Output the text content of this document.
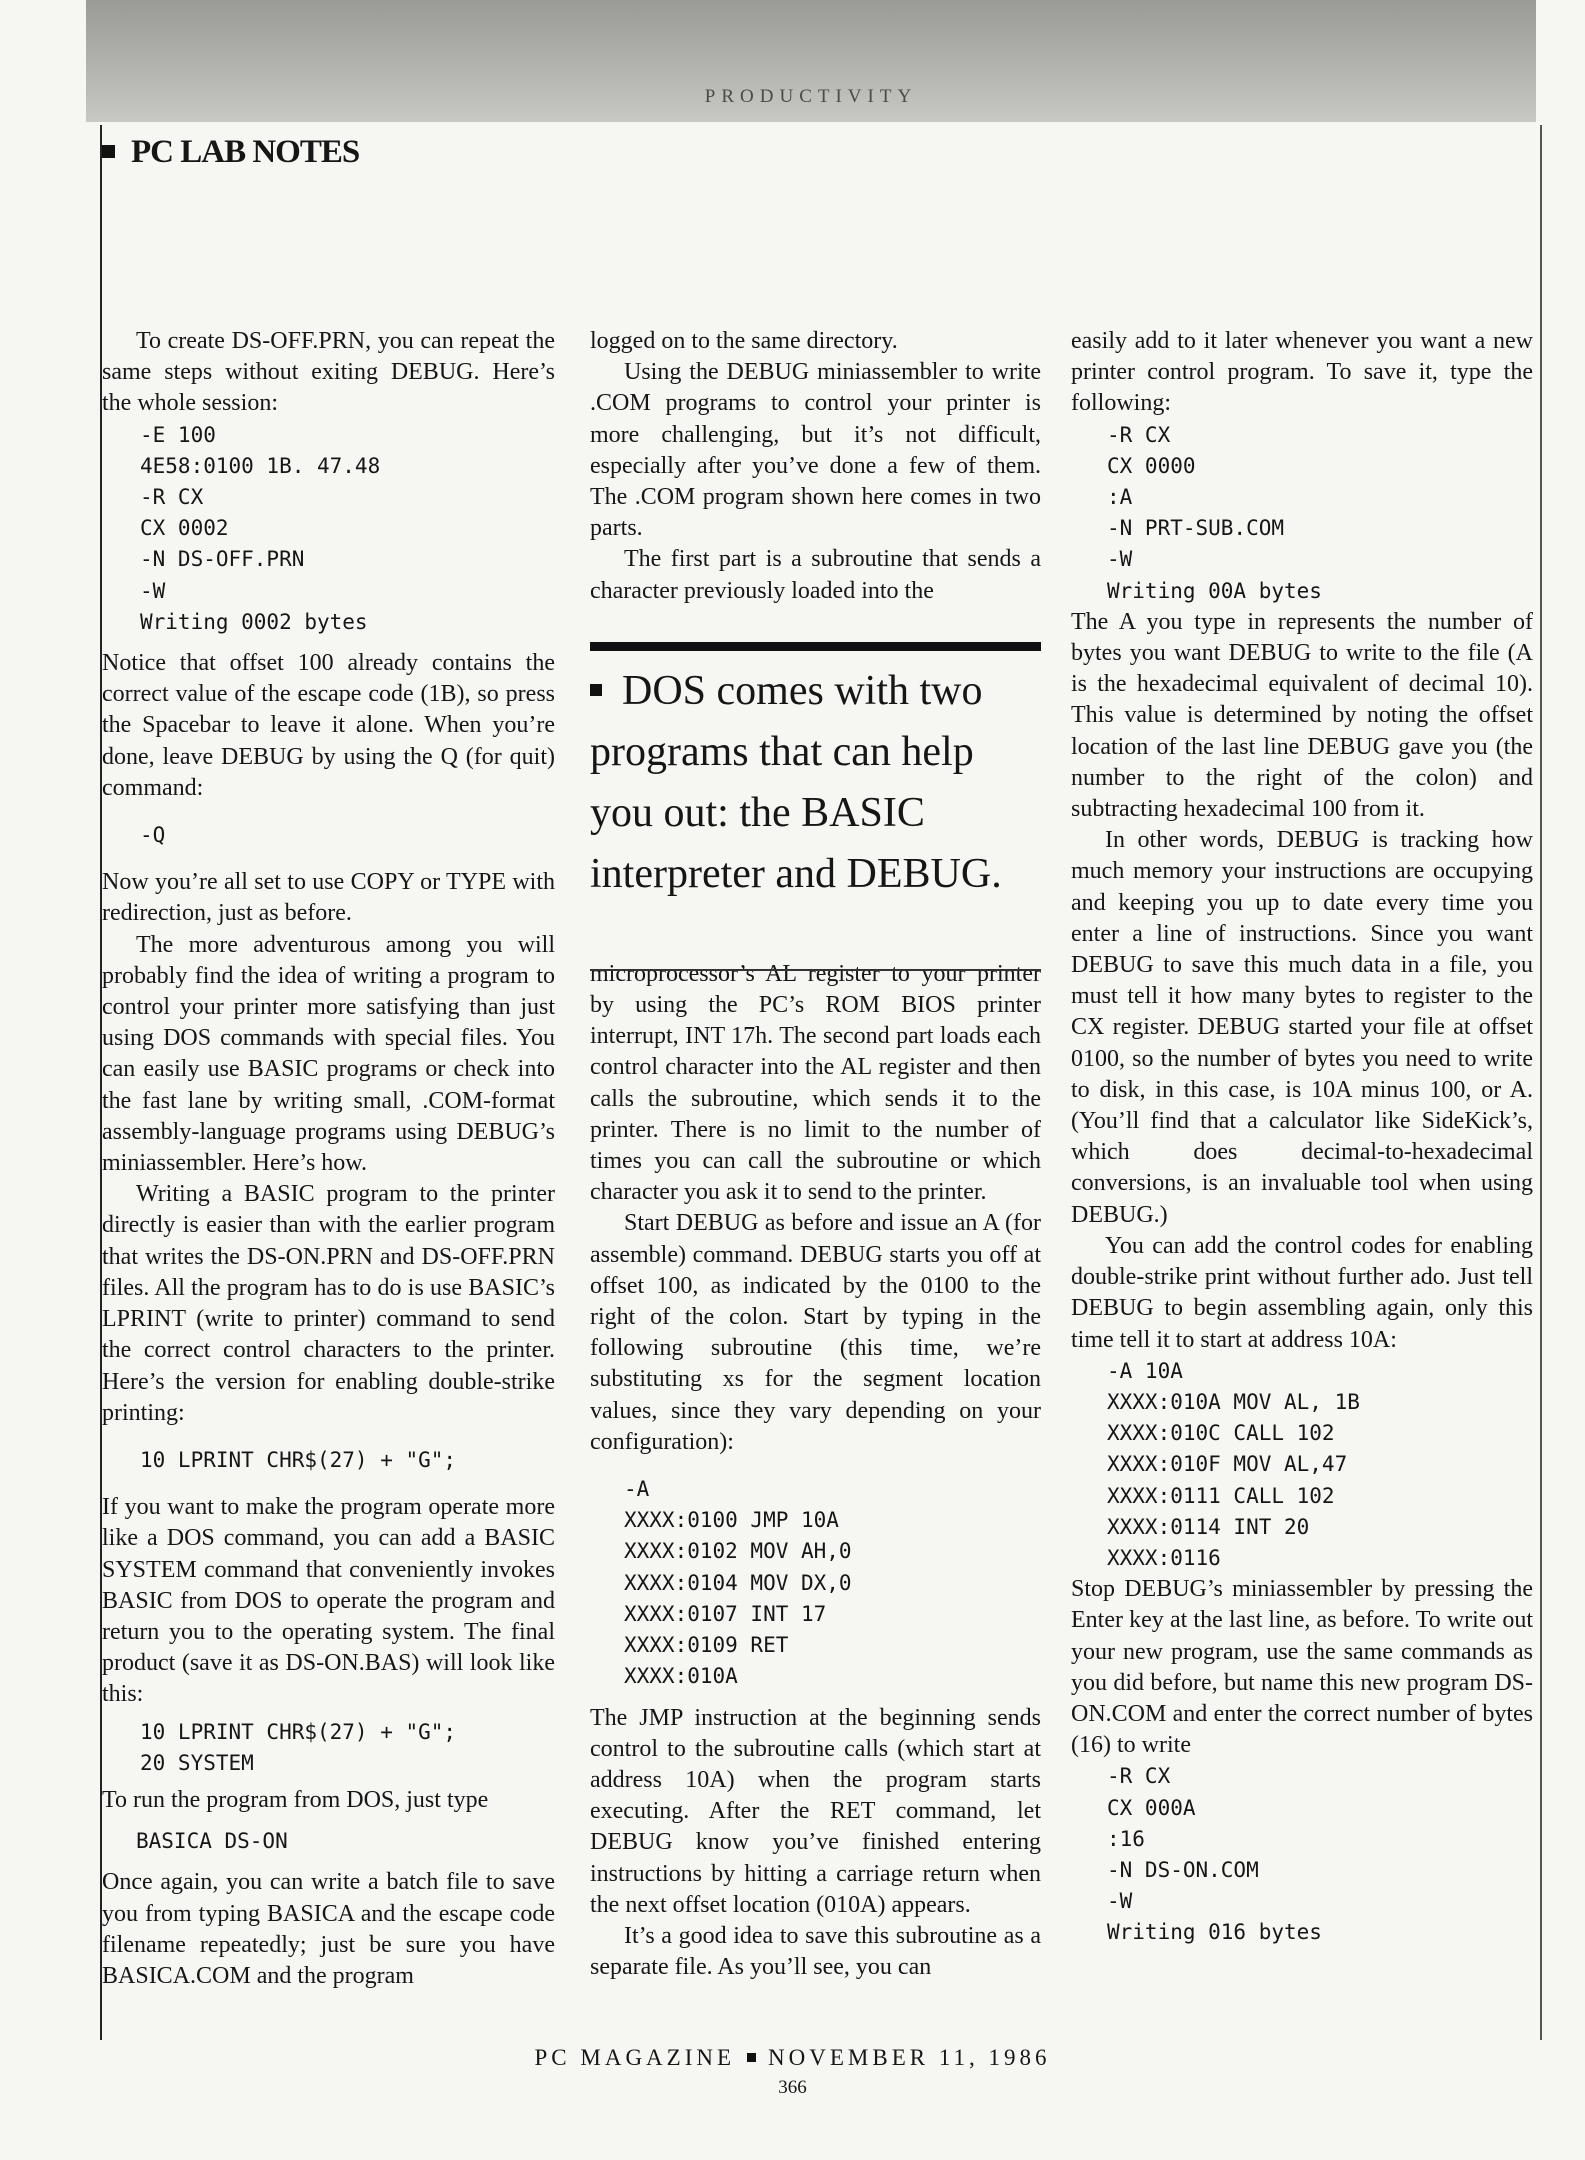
PRODUCTIVITY
PC LAB NOTES

To create DS-OFF.PRN, you can repeat the same steps without exiting DEBUG. Here’s the whole session:

-E 100
4E58:0100 1B. 47.48
-R CX
CX 0002
-N DS-OFF.PRN
-W
Writing 0002 bytes

Notice that offset 100 already contains the correct value of the escape code (1B), so press the Spacebar to leave it alone. When you’re done, leave DEBUG by using the Q (for quit) command:

-Q

Now you’re all set to use COPY or TYPE with redirection, just as before.

The more adventurous among you will probably find the idea of writing a program to control your printer more satisfying than just using DOS commands with special files. You can easily use BASIC programs or check into the fast lane by writing small, .COM-format assembly-language programs using DEBUG’s miniassembler. Here’s how.

Writing a BASIC program to the printer directly is easier than with the earlier program that writes the DS-ON.PRN and DS-OFF.PRN files. All the program has to do is use BASIC’s LPRINT (write to printer) command to send the correct control characters to the printer. Here’s the version for enabling double-strike printing:

10 LPRINT CHR$(27) + "G";

If you want to make the program operate more like a DOS command, you can add a BASIC SYSTEM command that conveniently invokes BASIC from DOS to operate the program and return you to the operating system. The final product (save it as DS-ON.BAS) will look like this:

10 LPRINT CHR$(27) + "G";
20 SYSTEM

To run the program from DOS, just type

BASICA DS-ON

Once again, you can write a batch file to save you from typing BASICA and the escape code filename repeatedly; just be sure you have BASICA.COM and the program

logged on to the same directory.

Using the DEBUG miniassembler to write .COM programs to control your printer is more challenging, but it’s not difficult, especially after you’ve done a few of them. The .COM program shown here comes in two parts.

The first part is a subroutine that sends a character previously loaded into the

microprocessor’s AL register to your printer by using the PC’s ROM BIOS printer interrupt, INT 17h. The second part loads each control character into the AL register and then calls the subroutine, which sends it to the printer. There is no limit to the number of times you can call the subroutine or which character you ask it to send to the printer.

Start DEBUG as before and issue an A (for assemble) command. DEBUG starts you off at offset 100, as indicated by the 0100 to the right of the colon. Start by typing in the following subroutine (this time, we’re substituting xs for the segment location values, since they vary depending on your configuration):

-A
XXXX:0100 JMP 10A
XXXX:0102 MOV AH,0
XXXX:0104 MOV DX,0
XXXX:0107 INT 17
XXXX:0109 RET
XXXX:010A

The JMP instruction at the beginning sends control to the subroutine calls (which start at address 10A) when the program starts executing. After the RET command, let DEBUG know you’ve finished entering instructions by hitting a carriage return when the next offset location (010A) appears.

It’s a good idea to save this subroutine as a separate file. As you’ll see, you can

DOS comes with two programs that can help you out: the BASIC interpreter and DEBUG.

easily add to it later whenever you want a new printer control program. To save it, type the following:

-R CX
CX 0000
:A
-N PRT-SUB.COM
-W
Writing 00A bytes

The A you type in represents the number of bytes you want DEBUG to write to the file (A is the hexadecimal equivalent of decimal 10). This value is determined by noting the offset location of the last line DEBUG gave you (the number to the right of the colon) and subtracting hexadecimal 100 from it.

In other words, DEBUG is tracking how much memory your instructions are occupying and keeping you up to date every time you enter a line of instructions. Since you want DEBUG to save this much data in a file, you must tell it how many bytes to register to the CX register. DEBUG started your file at offset 0100, so the number of bytes you need to write to disk, in this case, is 10A minus 100, or A. (You’ll find that a calculator like SideKick’s, which does decimal-to-hexadecimal conversions, is an invaluable tool when using DEBUG.)

You can add the control codes for enabling double-strike print without further ado. Just tell DEBUG to begin assembling again, only this time tell it to start at address 10A:

-A 10A
XXXX:010A MOV AL, 1B
XXXX:010C CALL 102
XXXX:010F MOV AL,47
XXXX:0111 CALL 102
XXXX:0114 INT 20
XXXX:0116

Stop DEBUG’s miniassembler by pressing the Enter key at the last line, as before. To write out your new program, use the same commands as you did before, but name this new program DS-ON.COM and enter the correct number of bytes (16) to write

-R CX
CX 000A
:16
-N DS-ON.COM
-W
Writing 016 bytes
PC MAGAZINE NOVEMBER 11, 1986
366
